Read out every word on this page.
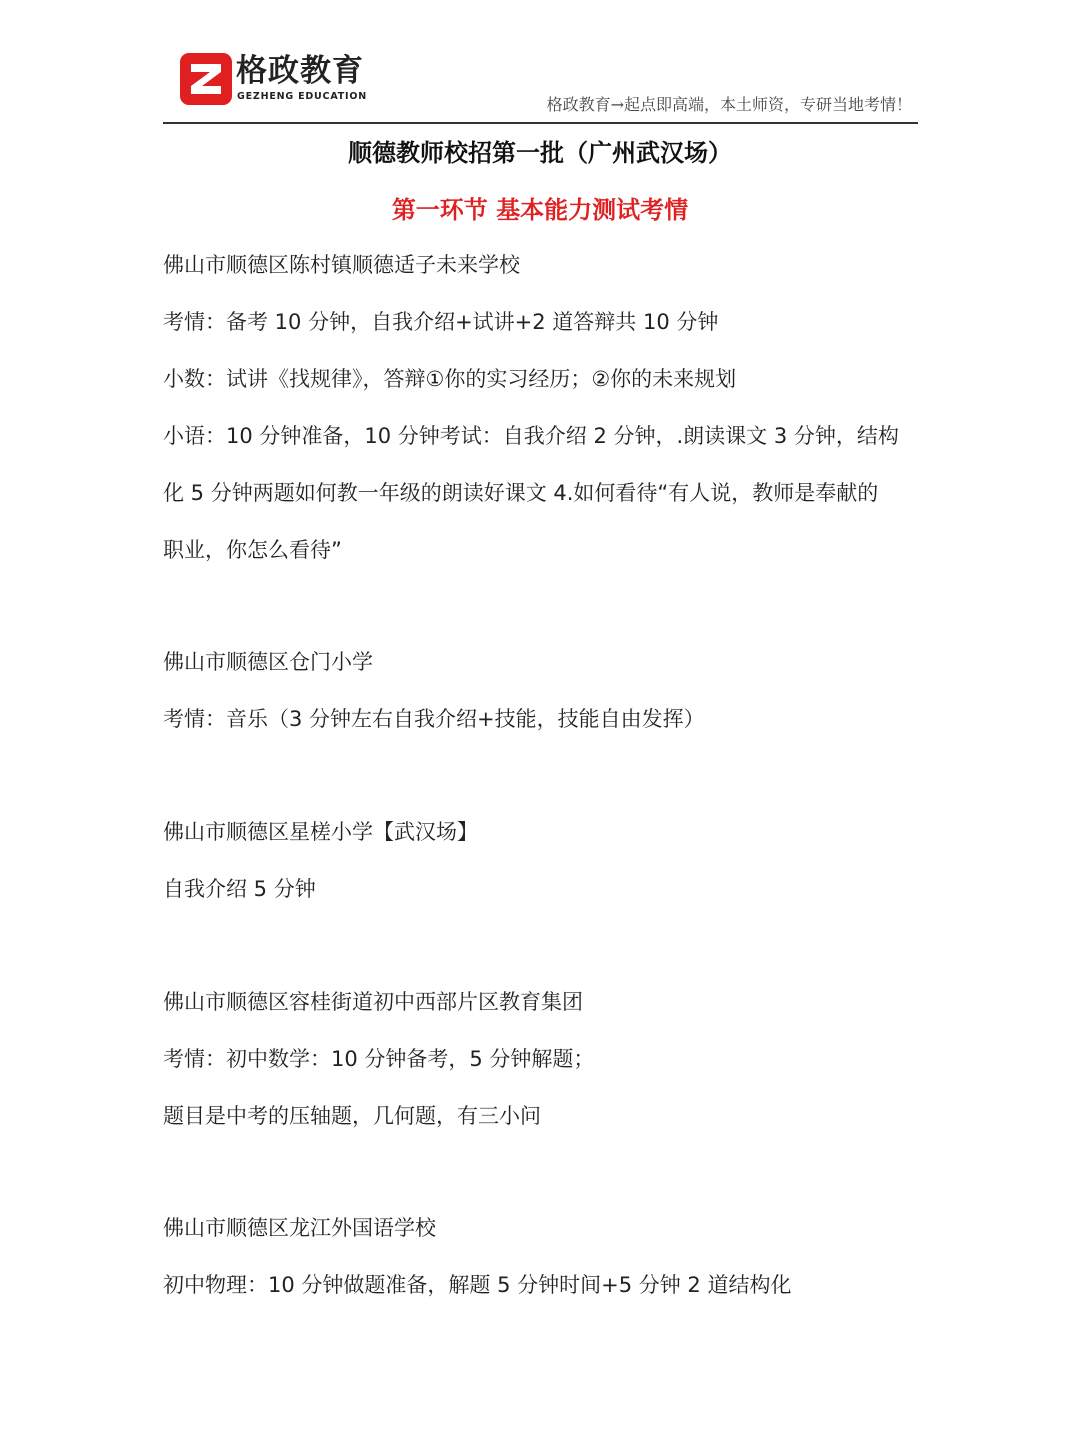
格政教育
GEZHENG EDUCATION	格政教育→起点即高端，本土师资，专研当地考情！
顺德教师校招第一批（广州武汉场）
第一环节 基本能力测试考情
佛山市顺德区陈村镇顺德适子未来学校
考情：备考 10 分钟，自我介绍+试讲+2 道答辩共 10 分钟
小数：试讲《找规律》，答辩①你的实习经历；②你的未来规划
小语：10 分钟准备，10 分钟考试：自我介绍 2 分钟，.朗读课文 3 分钟，结构
化 5 分钟两题如何教一年级的朗读好课文 4.如何看待“有人说，教师是奉献的
职业，你怎么看待”
佛山市顺德区仓门小学
考情：音乐（3 分钟左右自我介绍+技能，技能自由发挥）
佛山市顺德区星槎小学【武汉场】
自我介绍 5 分钟
佛山市顺德区容桂街道初中西部片区教育集团
考情：初中数学：10 分钟备考，5 分钟解题；
题目是中考的压轴题，几何题，有三小问
佛山市顺德区龙江外国语学校
初中物理：10 分钟做题准备，解题 5 分钟时间+5 分钟 2 道结构化
